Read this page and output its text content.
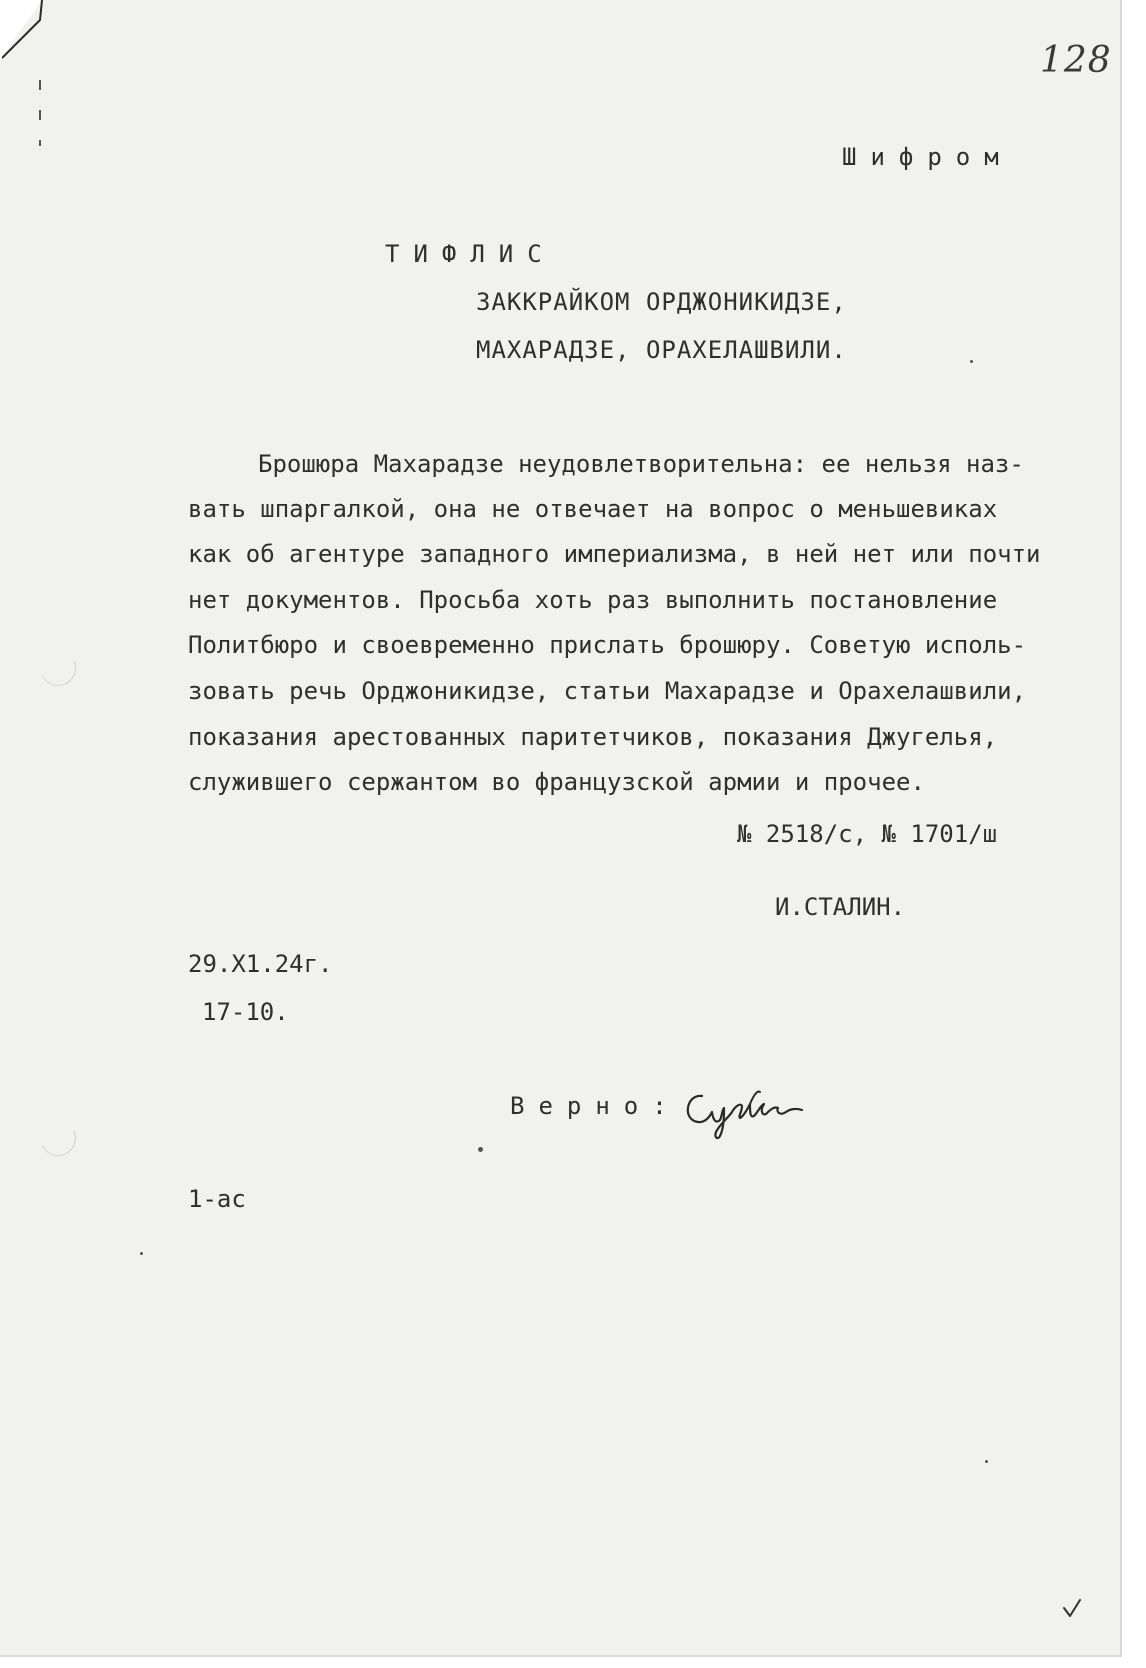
128
Шифром
ТИФЛИС
ЗАККРАЙКОМ ОРДЖОНИКИДЗЕ,
МАХАРАДЗЕ, ОРАХЕЛАШВИЛИ.
Брошюра Махарадзе неудовлетворительна: ее нельзя наз-
вать шпаргалкой, она не отвечает на вопрос о меньшевиках
как об агентуре западного империализма, в ней нет или почти
нет документов. Просьба хоть раз выполнить постановление
Политбюро и своевременно прислать брошюру. Советую исполь-
зовать речь Орджоникидзе, статьи Махарадзе и Орахелашвили,
показания арестованных паритетчиков, показания Джугелья,
служившего сержантом во французской армии и прочее.
№ 2518/с, № 1701/ш
И.СТАЛИН.
29.Х1.24г.
17-10.
Верно:
1-ас
